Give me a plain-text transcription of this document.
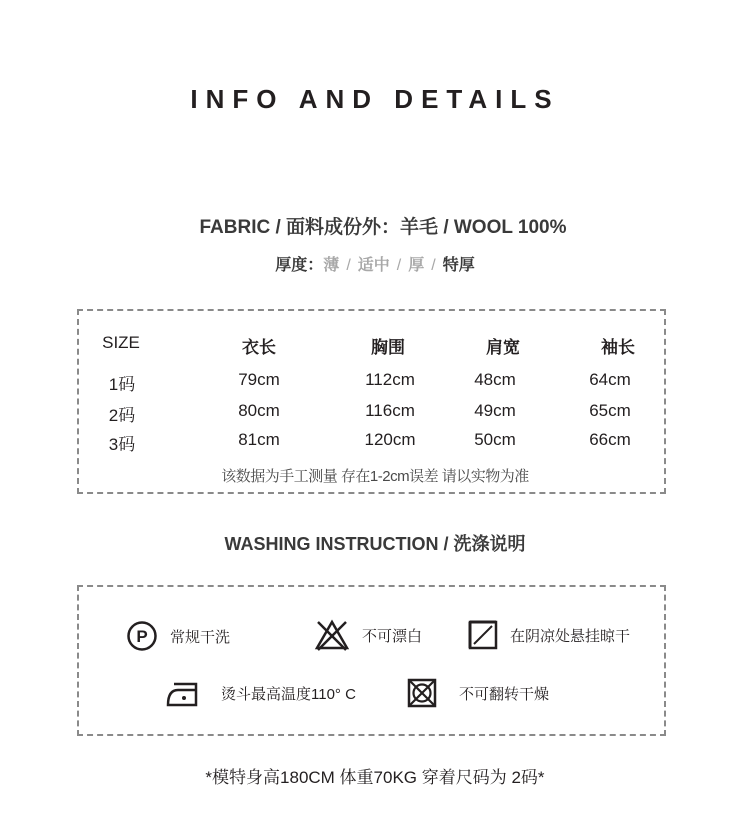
INFO AND DETAILS
FABRIC / 面料成份外：羊毛 / WOOL 100%
厚度：薄 / 适中 / 厚 / 特厚
SIZE	衣长	胸围	肩宽	袖长
1码	79cm	112cm	48cm	64cm
2码	80cm	116cm	49cm	65cm
3码	81cm	120cm	50cm	66cm
该数据为手工测量 存在1-2cm误差 请以实物为准
WASHING INSTRUCTION / 洗涤说明
P 常规干洗	不可漂白	在阴凉处悬挂晾干
烫斗最高温度110° C	不可翻转干燥
*模特身高180CM 体重70KG 穿着尺码为 2码*
